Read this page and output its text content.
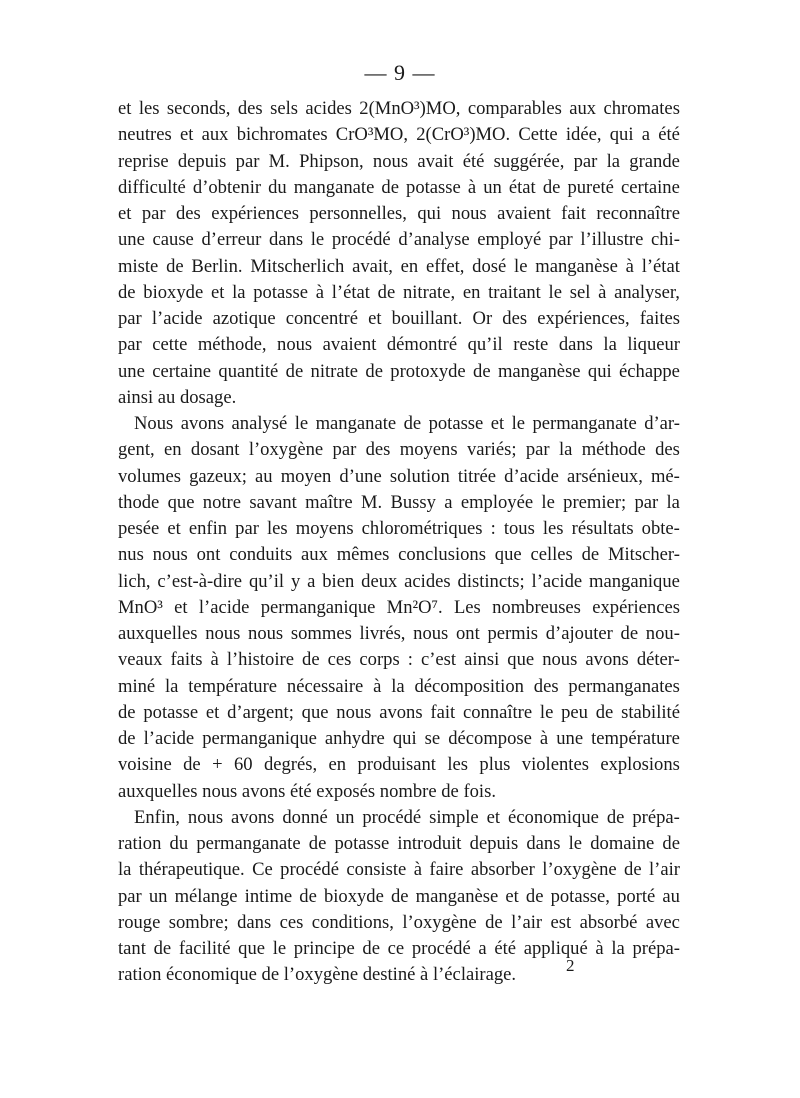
— 9 —
et les seconds, des sels acides 2(MnO³)MO, comparables aux chromates
neutres et aux bichromates CrO³MO, 2(CrO³)MO. Cette idée, qui a été
reprise depuis par M. Phipson, nous avait été suggérée, par la grande
difficulté d’obtenir du manganate de potasse à un état de pureté certaine
et par des expériences personnelles, qui nous avaient fait reconnaître
une cause d’erreur dans le procédé d’analyse employé par l’illustre chi-
miste de Berlin. Mitscherlich avait, en effet, dosé le manganèse à l’état
de bioxyde et la potasse à l’état de nitrate, en traitant le sel à analyser,
par l’acide azotique concentré et bouillant. Or des expériences, faites
par cette méthode, nous avaient démontré qu’il reste dans la liqueur
une certaine quantité de nitrate de protoxyde de manganèse qui échappe
ainsi au dosage.
Nous avons analysé le manganate de potasse et le permanganate d’ar-
gent, en dosant l’oxygène par des moyens variés; par la méthode des
volumes gazeux; au moyen d’une solution titrée d’acide arsénieux, mé-
thode que notre savant maître M. Bussy a employée le premier; par la
pesée et enfin par les moyens chlorométriques : tous les résultats obte-
nus nous ont conduits aux mêmes conclusions que celles de Mitscher-
lich, c’est-à-dire qu’il y a bien deux acides distincts; l’acide manganique
MnO³ et l’acide permanganique Mn²O⁷. Les nombreuses expériences
auxquelles nous nous sommes livrés, nous ont permis d’ajouter de nou-
veaux faits à l’histoire de ces corps : c’est ainsi que nous avons déter-
miné la température nécessaire à la décomposition des permanganates
de potasse et d’argent; que nous avons fait connaître le peu de stabilité
de l’acide permanganique anhydre qui se décompose à une température
voisine de + 60 degrés, en produisant les plus violentes explosions
auxquelles nous avons été exposés nombre de fois.
Enfin, nous avons donné un procédé simple et économique de prépa-
ration du permanganate de potasse introduit depuis dans le domaine de
la thérapeutique. Ce procédé consiste à faire absorber l’oxygène de l’air
par un mélange intime de bioxyde de manganèse et de potasse, porté au
rouge sombre; dans ces conditions, l’oxygène de l’air est absorbé avec
tant de facilité que le principe de ce procédé a été appliqué à la prépa-
ration économique de l’oxygène destiné à l’éclairage.	2
